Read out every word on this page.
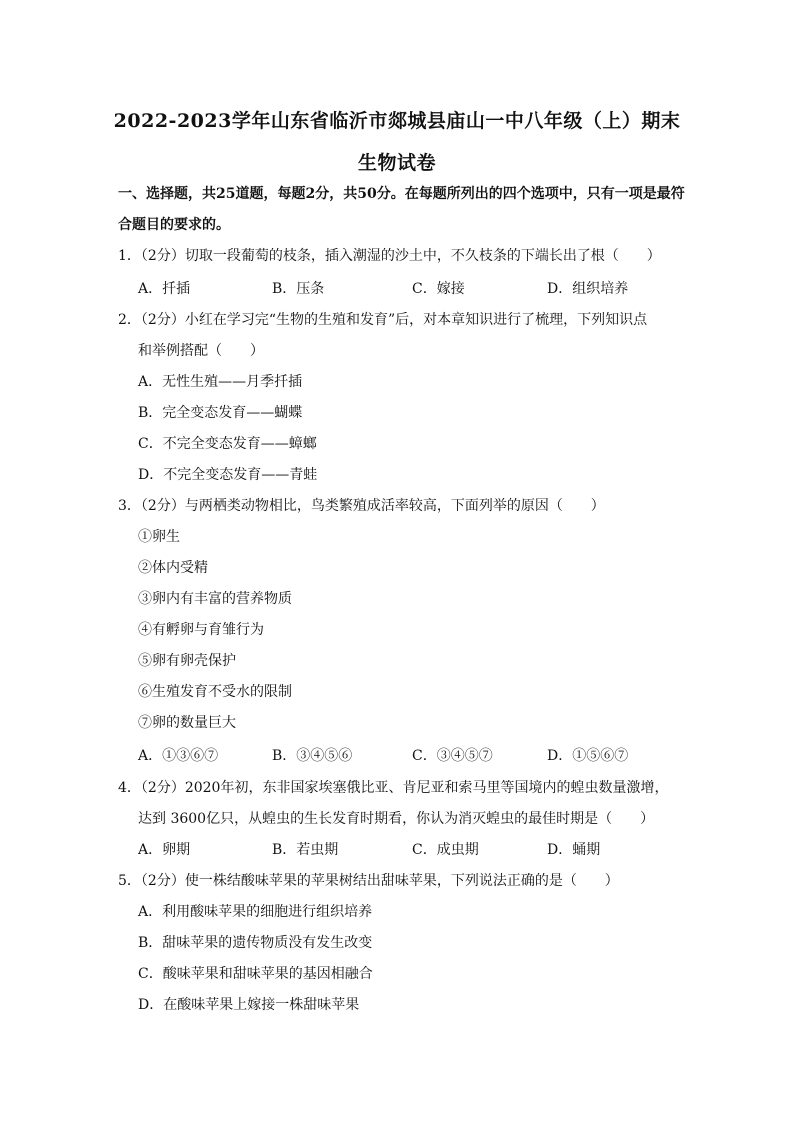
2022-2023学年山东省临沂市郯城县庙山一中八年级（上）期末
生物试卷
一、选择题，共25道题，每题2分，共50分。在每题所列出的四个选项中，只有一项是最符合题目的要求的。
1．（2分）切取一段葡萄的枝条，插入潮湿的沙土中，不久枝条的下端长出了根（　　）
A．扦插	B．压条	C．嫁接	D．组织培养
2．（2分）小红在学习完“生物的生殖和发育”后，对本章知识进行了梳理，下列知识点
和举例搭配（　　）
A．无性生殖——月季扦插
B．完全变态发育——蝴蝶
C．不完全变态发育——蟑螂
D．不完全变态发育——青蛙
3．（2分）与两栖类动物相比，鸟类繁殖成活率较高，下面列举的原因（　　）
①卵生
②体内受精
③卵内有丰富的营养物质
④有孵卵与育雏行为
⑤卵有卵壳保护
⑥生殖发育不受水的限制
⑦卵的数量巨大
A．①③⑥⑦	B．③④⑤⑥	C．③④⑤⑦	D．①⑤⑥⑦
4．（2分）2020年初，东非国家埃塞俄比亚、肯尼亚和索马里等国境内的蝗虫数量激增，
达到 3600亿只，从蝗虫的生长发育时期看，你认为消灭蝗虫的最佳时期是（　　）
A．卵期	B．若虫期	C．成虫期	D．蛹期
5．（2分）使一株结酸味苹果的苹果树结出甜味苹果，下列说法正确的是（　　）
A．利用酸味苹果的细胞进行组织培养
B．甜味苹果的遗传物质没有发生改变
C．酸味苹果和甜味苹果的基因相融合
D．在酸味苹果上嫁接一株甜味苹果
